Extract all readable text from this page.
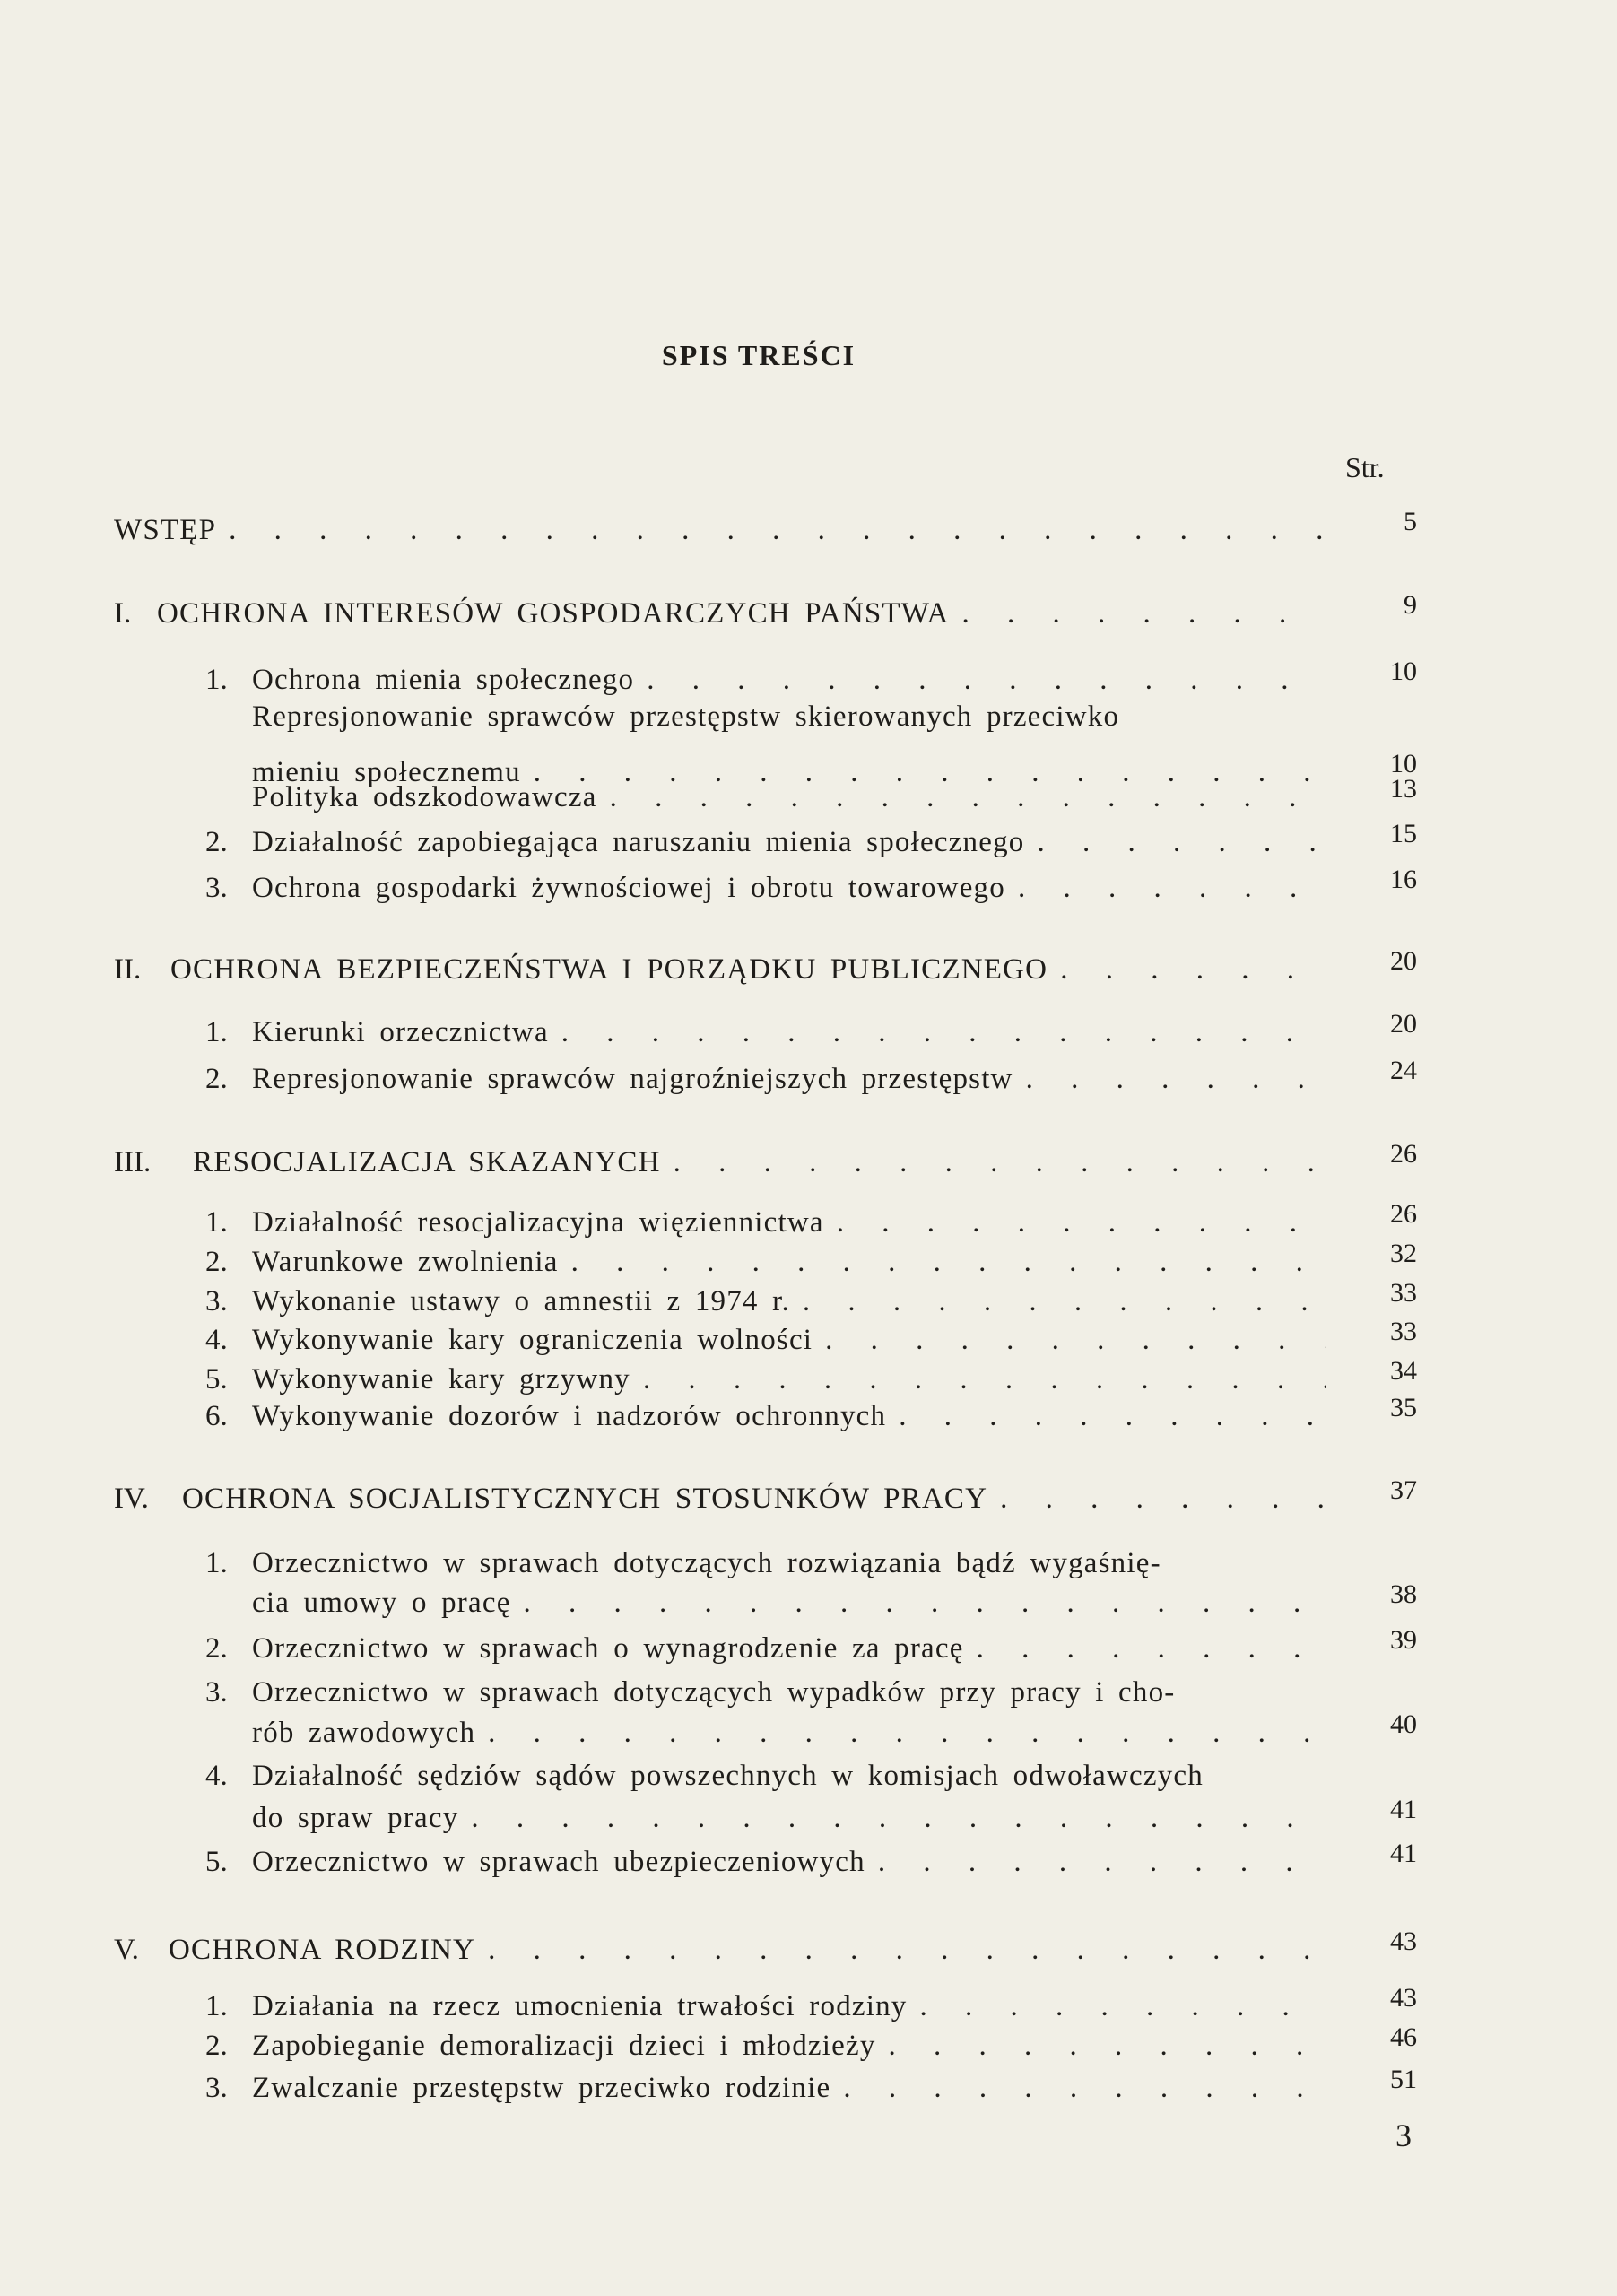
SPIS TREŚCI
Str.
WSTĘP . . .	5
I. OCHRONA INTERESÓW GOSPODARCZYCH PAŃSTWA . . .	9
1. Ochrona mienia społecznego . . .	10
Represjonowanie sprawców przestępstw skierowanych przeciwko
mieniu społecznemu . . .	10
Polityka odszkodowawcza . . .	13
2. Działalność zapobiegająca naruszaniu mienia społecznego . . .	15
3. Ochrona gospodarki żywnościowej i obrotu towarowego . . .	16
II. OCHRONA BEZPIECZEŃSTWA I PORZĄDKU PUBLICZNEGO . . .	20
1. Kierunki orzecznictwa . . .	20
2. Represjonowanie sprawców najgroźniejszych przestępstw . . .	24
III. RESOCJALIZACJA SKAZANYCH . . .	26
1. Działalność resocjalizacyjna więziennictwa . . .	26
2. Warunkowe zwolnienia . . .	32
3. Wykonanie ustawy o amnestii z 1974 r. . . .	33
4. Wykonywanie kary ograniczenia wolności . . .	33
5. Wykonywanie kary grzywny . . .	34
6. Wykonywanie dozorów i nadzorów ochronnych . . .	35
IV. OCHRONA SOCJALISTYCZNYCH STOSUNKÓW PRACY . . .	37
1. Orzecznictwo w sprawach dotyczących rozwiązania bądź wygaśnię-
cia umowy o pracę . . .	38
2. Orzecznictwo w sprawach o wynagrodzenie za pracę . . .	39
3. Orzecznictwo w sprawach dotyczących wypadków przy pracy i cho-
rób zawodowych . . .	40
4. Działalność sędziów sądów powszechnych w komisjach odwoławczych
do spraw pracy . . .	41
5. Orzecznictwo w sprawach ubezpieczeniowych . . .	41
V. OCHRONA RODZINY . . .	43
1. Działania na rzecz umocnienia trwałości rodziny . . .	43
2. Zapobieganie demoralizacji dzieci i młodzieży . . .	46
3. Zwalczanie przestępstw przeciwko rodzinie . . .	51
3
